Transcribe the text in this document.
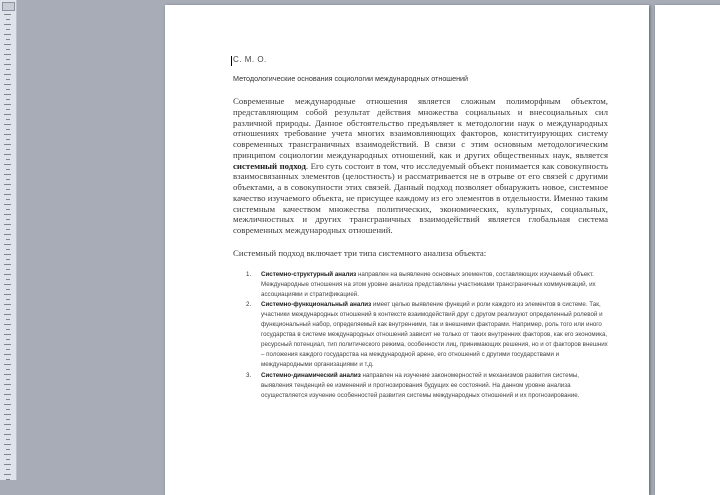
С. М. О.
Методологические основания социологии международных отношений
Современные международные отношения является сложным полиморфным объектом, представляющим собой результат действия множества социальных и внесоциальных сил различной природы. Данное обстоятельство предъявляет к методологии наук о международных отношениях требование учета многих взаимовлияющих факторов, конституирующих систему современных трансграничных взаимодействий. В связи с этим основным методологическим принципом социологии международных отношений, как и других общественных наук, является системный подход. Его суть состоит в том, что исследуемый объект понимается как совокупность взаимосвязанных элементов (целостность) и рассматривается не в отрыве от его связей с другими объектами, а в совокупности этих связей. Данный подход позволяет обнаружить новое, системное качество изучаемого объекта, не присущее каждому из его элементов в отдельности. Именно таким системным качеством множества политических, экономических, культурных, социальных, межличностных и других трансграничных взаимодействий является глобальная система современных международных отношений.
Системный подход включает три типа системного анализа объекта:
1. Системно-структурный анализ направлен на выявление основных элементов, составляющих изучаемый объект. Международные отношения на этом уровне анализа представлены участниками трансграничных коммуникаций, их ассоциациями и стратификацией.
2. Системно-функциональный анализ имеет целью выявление функций и роли каждого из элементов в системе. Так, участники международных отношений в контексте взаимодействий друг с другом реализуют определенный ролевой и функциональный набор, определяемый как внутренними, так и внешними факторами. Например, роль того или иного государства в системе международных отношений зависит не только от таких внутренних факторов, как его экономика, ресурсный потенциал, тип политического режима, особенности лиц, принимающих решения, но и от факторов внешних – положения каждого государства на международной арене, его отношений с другими государствами и международными организациями и т.д.
3. Системно-динамический анализ направлен на изучение закономерностей и механизмов развития системы, выявления тенденций ее изменений и прогнозирования будущих ее состояний. На данном уровне анализа осуществляется изучение особенностей развития системы международных отношений и их прогнозирование.
